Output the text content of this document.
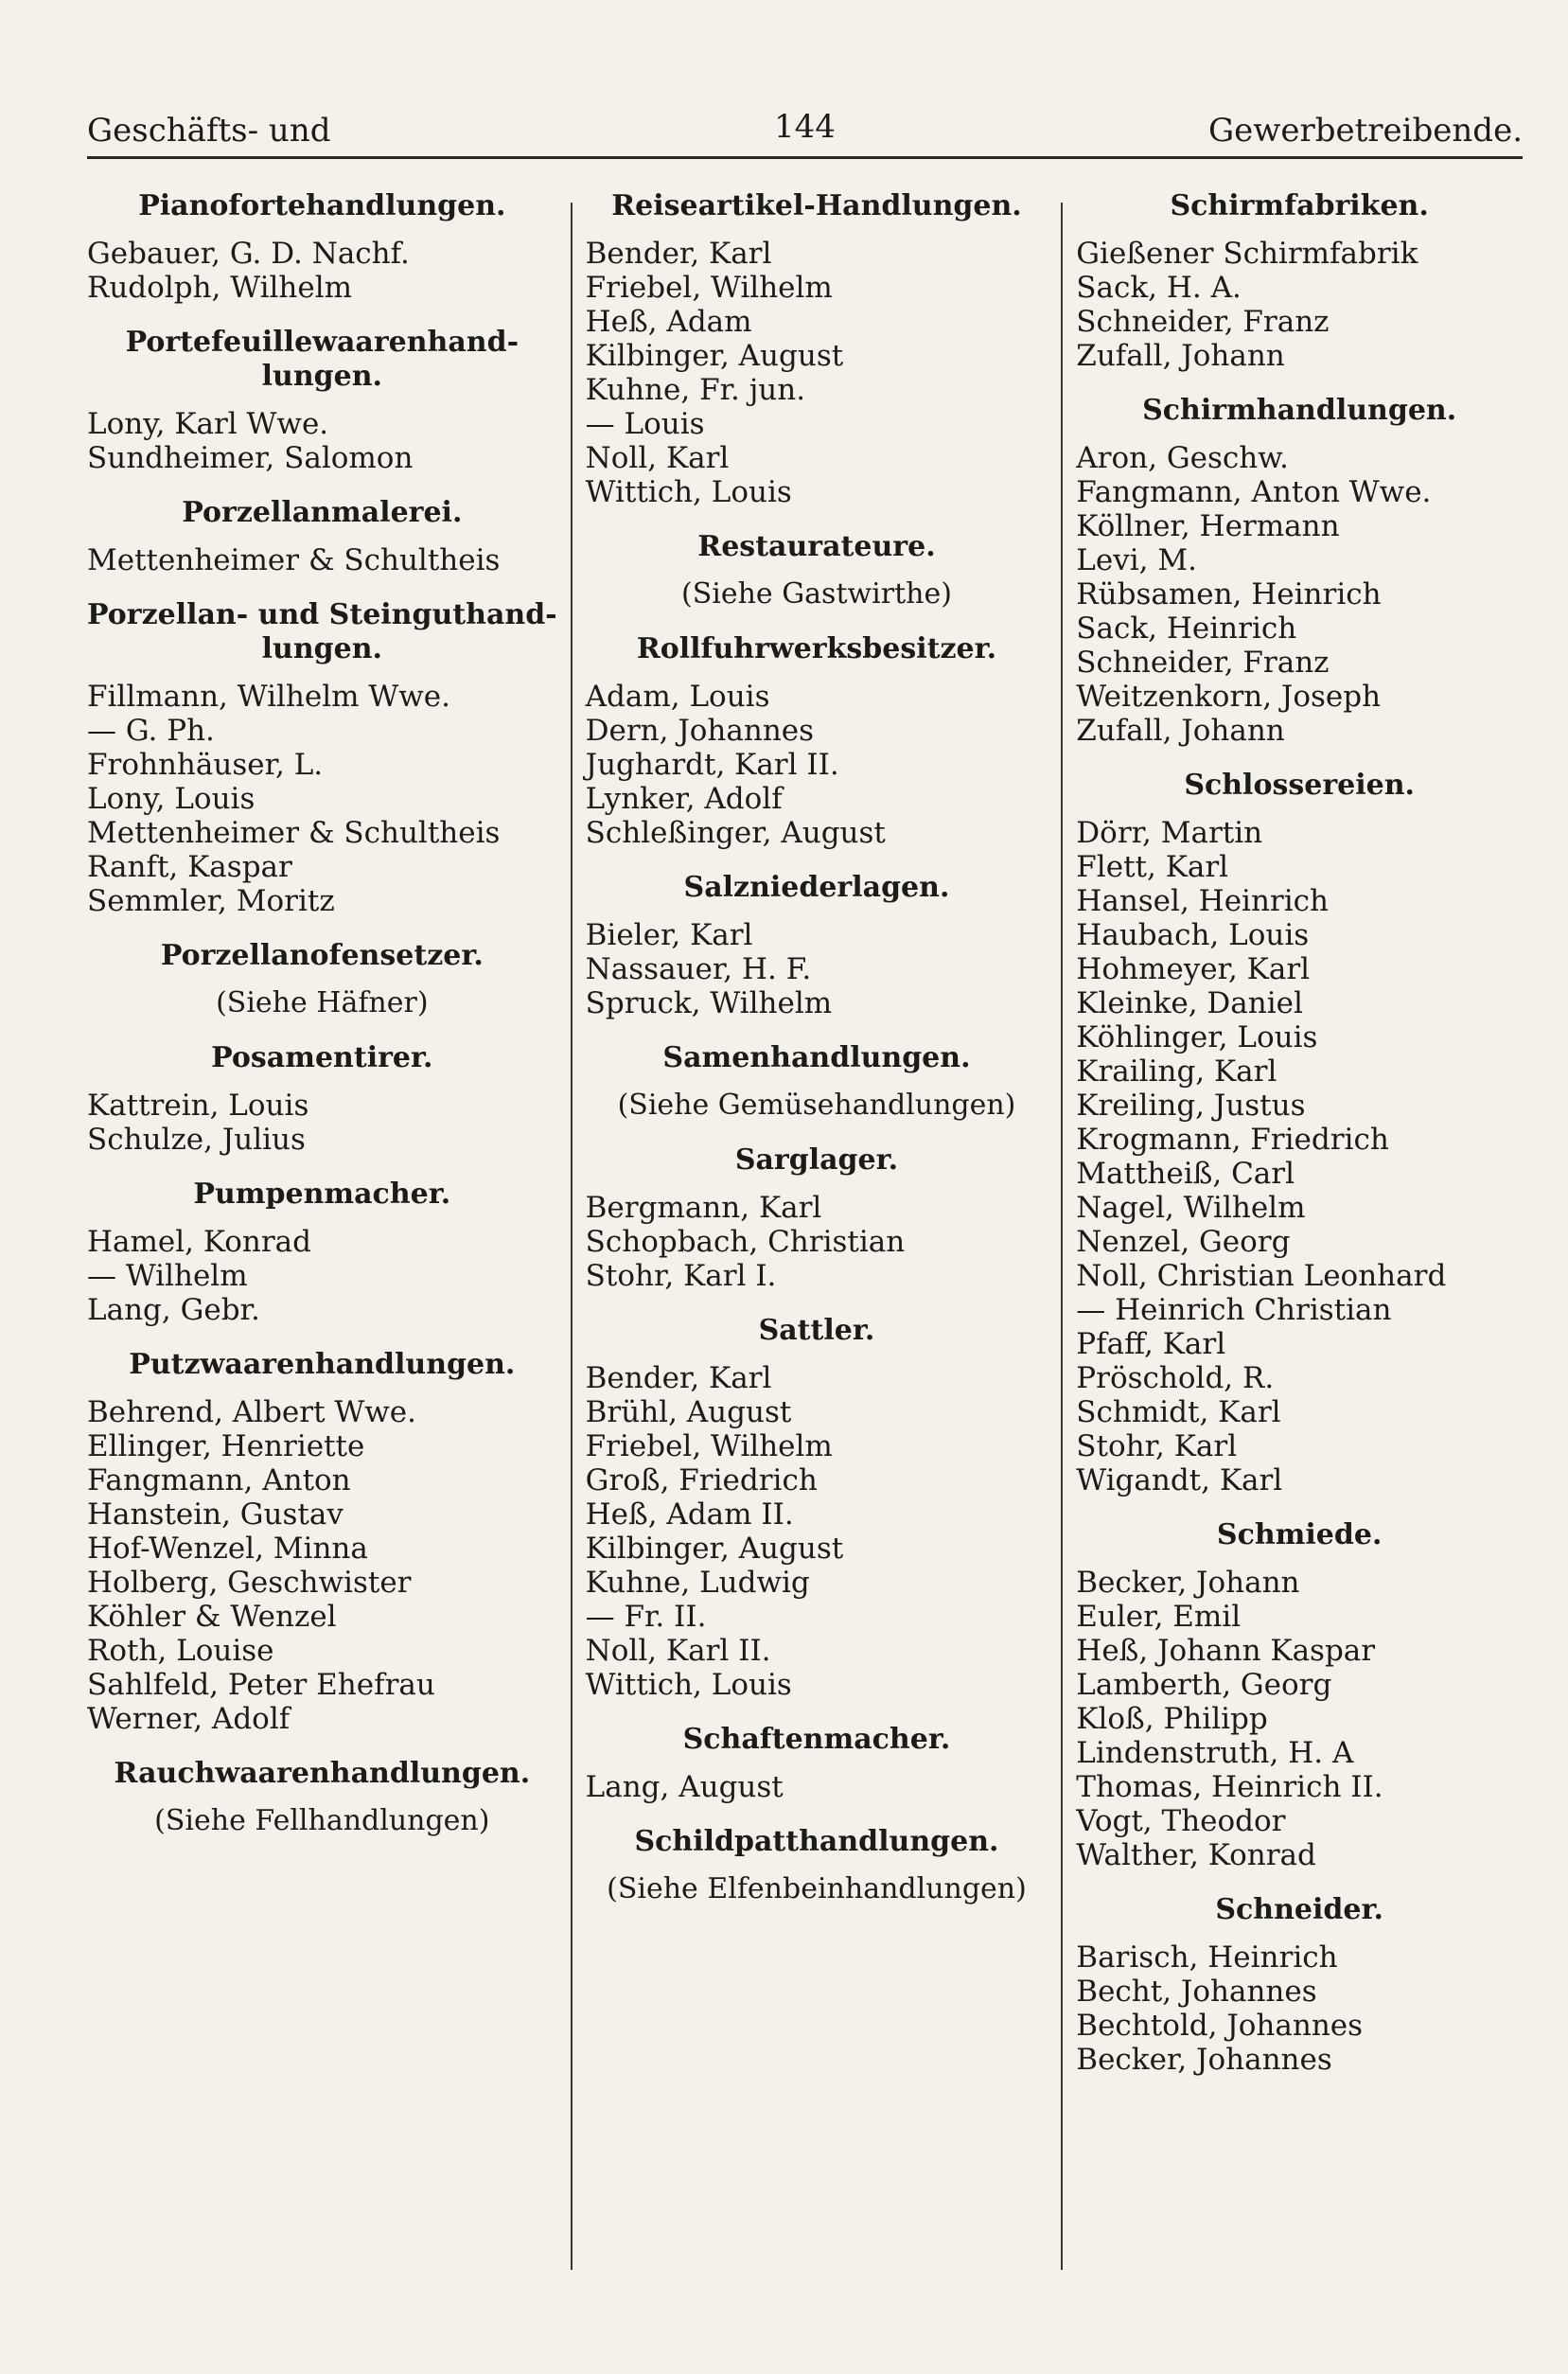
Geschäfts- und	144	Gewerbetreibende.
Pianofortehandlungen.
Gebauer, G. D. Nachf.
Rudolph, Wilhelm
Portefeuillewaarenhand-
lungen.
Lony, Karl Wwe.
Sundheimer, Salomon
Porzellanmalerei.
Mettenheimer & Schultheis
Porzellan- und Steinguthand-
lungen.
Fillmann, Wilhelm Wwe.
— G. Ph.
Frohnhäuser, L.
Lony, Louis
Mettenheimer & Schultheis
Ranft, Kaspar
Semmler, Moritz
Porzellanofensetzer.
(Siehe Häfner)
Posamentirer.
Kattrein, Louis
Schulze, Julius
Pumpenmacher.
Hamel, Konrad
— Wilhelm
Lang, Gebr.
Putzwaarenhandlungen.
Behrend, Albert Wwe.
Ellinger, Henriette
Fangmann, Anton
Hanstein, Gustav
Hof-Wenzel, Minna
Holberg, Geschwister
Köhler & Wenzel
Roth, Louise
Sahlfeld, Peter Ehefrau
Werner, Adolf
Rauchwaarenhandlungen.
(Siehe Fellhandlungen)
Reiseartikel-Handlungen.
Bender, Karl
Friebel, Wilhelm
Heß, Adam
Kilbinger, August
Kuhne, Fr. jun.
— Louis
Noll, Karl
Wittich, Louis
Restaurateure.
(Siehe Gastwirthe)
Rollfuhrwerksbesitzer.
Adam, Louis
Dern, Johannes
Jughardt, Karl II.
Lynker, Adolf
Schleßinger, August
Salzniederlagen.
Bieler, Karl
Nassauer, H. F.
Spruck, Wilhelm
Samenhandlungen.
(Siehe Gemüsehandlungen)
Sarglager.
Bergmann, Karl
Schopbach, Christian
Stohr, Karl I.
Sattler.
Bender, Karl
Brühl, August
Friebel, Wilhelm
Groß, Friedrich
Heß, Adam II.
Kilbinger, August
Kuhne, Ludwig
— Fr. II.
Noll, Karl II.
Wittich, Louis
Schaftenmacher.
Lang, August
Schildpatthandlungen.
(Siehe Elfenbeinhandlungen)
Schirmfabriken.
Gießener Schirmfabrik
Sack, H. A.
Schneider, Franz
Zufall, Johann
Schirmhandlungen.
Aron, Geschw.
Fangmann, Anton Wwe.
Köllner, Hermann
Levi, M.
Rübsamen, Heinrich
Sack, Heinrich
Schneider, Franz
Weitzenkorn, Joseph
Zufall, Johann
Schlossereien.
Dörr, Martin
Flett, Karl
Hansel, Heinrich
Haubach, Louis
Hohmeyer, Karl
Kleinke, Daniel
Köhlinger, Louis
Krailing, Karl
Kreiling, Justus
Krogmann, Friedrich
Mattheiß, Carl
Nagel, Wilhelm
Nenzel, Georg
Noll, Christian Leonhard
— Heinrich Christian
Pfaff, Karl
Pröschold, R.
Schmidt, Karl
Stohr, Karl
Wigandt, Karl
Schmiede.
Becker, Johann
Euler, Emil
Heß, Johann Kaspar
Lamberth, Georg
Kloß, Philipp
Lindenstruth, H. A
Thomas, Heinrich II.
Vogt, Theodor
Walther, Konrad
Schneider.
Barisch, Heinrich
Becht, Johannes
Bechtold, Johannes
Becker, Johannes
